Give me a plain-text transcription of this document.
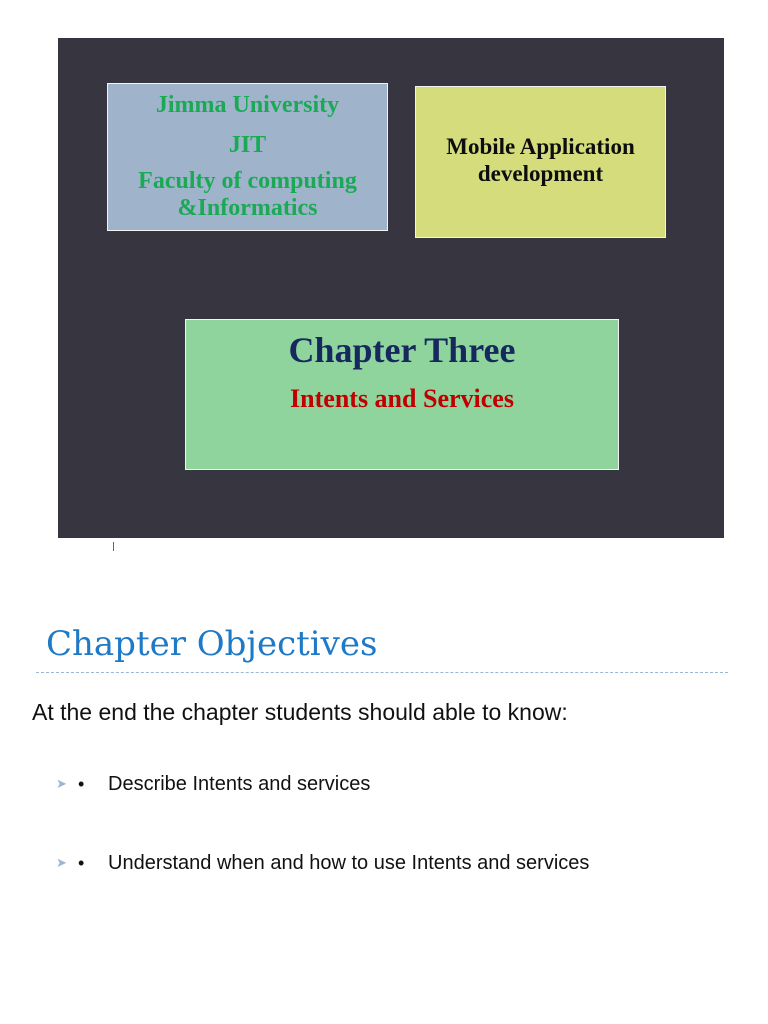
Jimma University
JIT
Faculty of computing
&Informatics
Mobile Application
development
Chapter Three
Intents and Services
Chapter Objectives
At the end the chapter students should able to know:
➤ •	Describe Intents and services
➤ •	Understand when and how to use Intents and services
